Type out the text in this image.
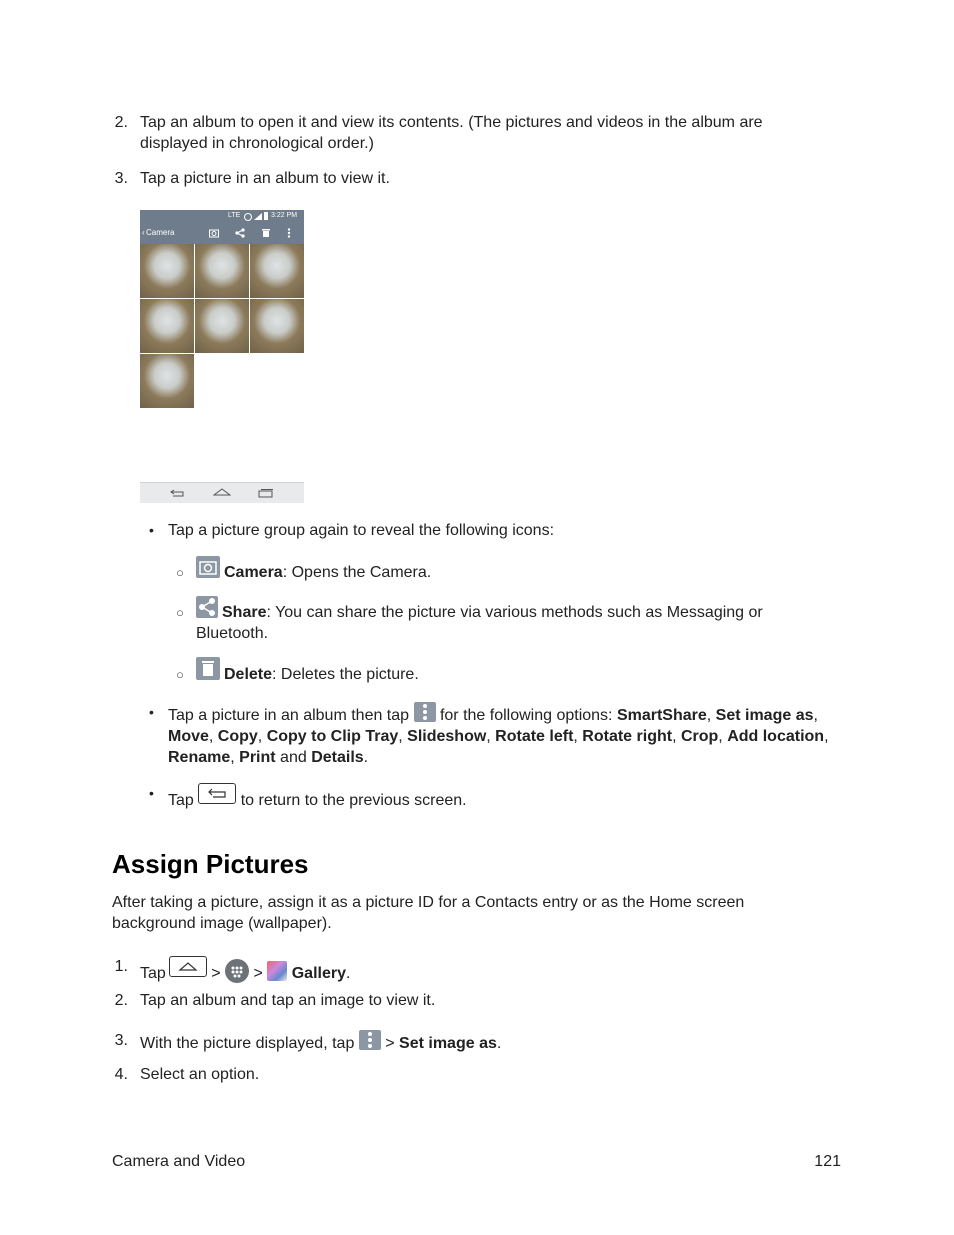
2. Tap an album to open it and view its contents. (The pictures and videos in the album are displayed in chronological order.)
3. Tap a picture in an album to view it.
LTE	3:22 PM
‹ Camera
• Tap a picture group again to reveal the following icons:
○	Camera: Opens the Camera.
○	Share: You can share the picture via various methods such as Messaging or Bluetooth.
○	Delete: Deletes the picture.
• Tap a picture in an album then tap  for the following options: SmartShare, Set image as, Move, Copy, Copy to Clip Tray, Slideshow, Rotate left, Rotate right, Crop, Add location, Rename, Print and Details.
• Tap	to return to the previous screen.
Assign Pictures
After taking a picture, assign it as a picture ID for a Contacts entry or as the Home screen background image (wallpaper).
1. Tap	>  >  Gallery.
2. Tap an album and tap an image to view it.
3. With the picture displayed, tap  > Set image as.
4. Select an option.
Camera and Video	121
